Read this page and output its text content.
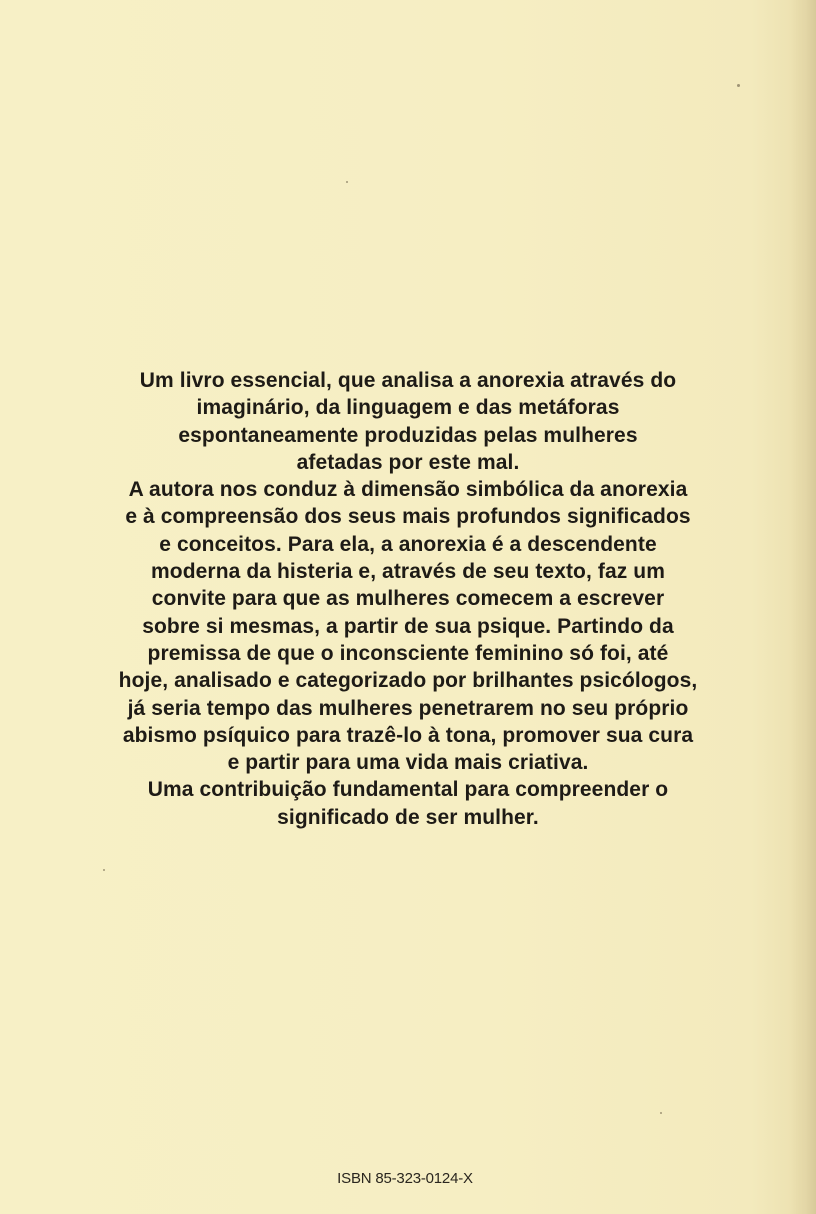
Um livro essencial, que analisa a anorexia através do
imaginário, da linguagem e das metáforas
espontaneamente produzidas pelas mulheres
afetadas por este mal.
A autora nos conduz à dimensão simbólica da anorexia
e à compreensão dos seus mais profundos significados
e conceitos. Para ela, a anorexia é a descendente
moderna da histeria e, através de seu texto, faz um
convite para que as mulheres comecem a escrever
sobre si mesmas, a partir de sua psique. Partindo da
premissa de que o inconsciente feminino só foi, até
hoje, analisado e categorizado por brilhantes psicólogos,
já seria tempo das mulheres penetrarem no seu próprio
abismo psíquico para trazê-lo à tona, promover sua cura
e partir para uma vida mais criativa.
Uma contribuição fundamental para compreender o
significado de ser mulher.

ISBN 85-323-0124-X
